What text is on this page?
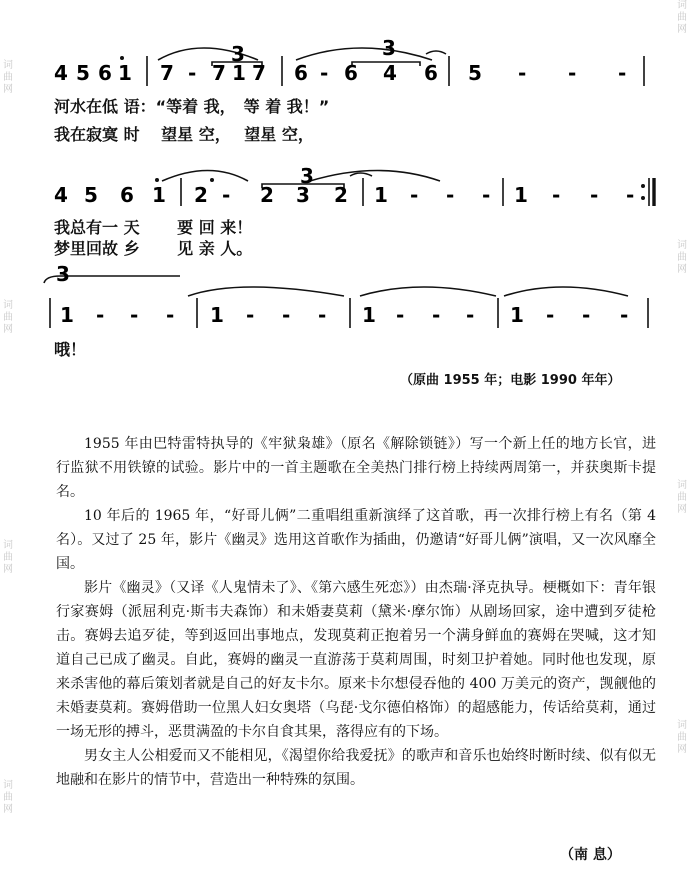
词
曲
网
词
曲
网
词
曲
网
词
曲
网
词
曲
网
词
曲
网
词
曲
网
词
曲
网
3	3
3
3
4 5 6 1 7 - 7 1 7 6 - 6 4 6 5 - - -
4 5 6 1 2 - 2 3 2 1 - - - 1 - - -
1 - - - 1 - - - 1 - - - 1 - - -
河水在低 语：“等着 我，　等 着 我！”
我在寂寞 时　 望星 空，　 望星 空，
我总有一 天　　 要 回 来！
梦里回故 乡　　 见 亲 人。
哦！
（原曲 1955 年；电影 1990 年年）

1955 年由巴特雷特执导的《牢狱枭雄》（原名《解除锁链》）写一个新上任的地方长官，进行监狱不用铁镣的试验。影片中的一首主题歌在全美热门排行榜上持续两周第一，并获奥斯卡提名。

10 年后的 1965 年，“好哥儿俩”二重唱组重新演绎了这首歌，再一次排行榜上有名（第 4 名）。又过了 25 年，影片《幽灵》选用这首歌作为插曲，仍邀请“好哥儿俩”演唱，又一次风靡全国。

影片《幽灵》（又译《人鬼情未了》、《第六感生死恋》）由杰瑞·泽克执导。梗概如下：青年银行家赛姆（派屈利克·斯韦夫森饰）和未婚妻莫莉（黛米·摩尔饰）从剧场回家，途中遭到歹徒枪击。赛姆去追歹徒，等到返回出事地点，发现莫莉正抱着另一个满身鲜血的赛姆在哭喊，这才知道自己已成了幽灵。自此，赛姆的幽灵一直游荡于莫莉周围，时刻卫护着她。同时他也发现，原来杀害他的幕后策划者就是自己的好友卡尔。原来卡尔想侵吞他的 400 万美元的资产，觊觎他的未婚妻莫莉。赛姆借助一位黑人妇女奥塔（乌琵·戈尔德伯格饰）的超感能力，传话给莫莉，通过一场无形的搏斗，恶贯满盈的卡尔自食其果，落得应有的下场。

男女主人公相爱而又不能相见，《渴望你给我爱抚》的歌声和音乐也始终时断时续、似有似无地融和在影片的情节中，营造出一种特殊的氛围。

（南 息）
